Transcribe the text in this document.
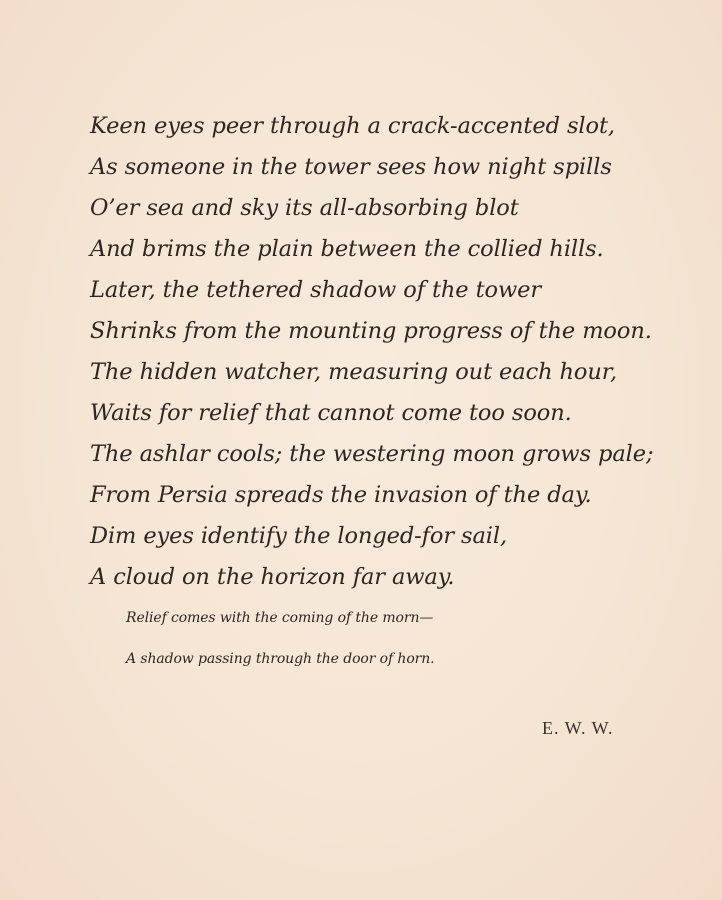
Keen eyes peer through a crack-accented slot,
As someone in the tower sees how night spills
O’er sea and sky its all-absorbing blot
And brims the plain between the collied hills.
Later, the tethered shadow of the tower
Shrinks from the mounting progress of the moon.
The hidden watcher, measuring out each hour,
Waits for relief that cannot come too soon.
The ashlar cools; the westering moon grows pale;
From Persia spreads the invasion of the day.
Dim eyes identify the longed-for sail,
A cloud on the horizon far away.
Relief comes with the coming of the morn—
A shadow passing through the door of horn.
E. W. W.
